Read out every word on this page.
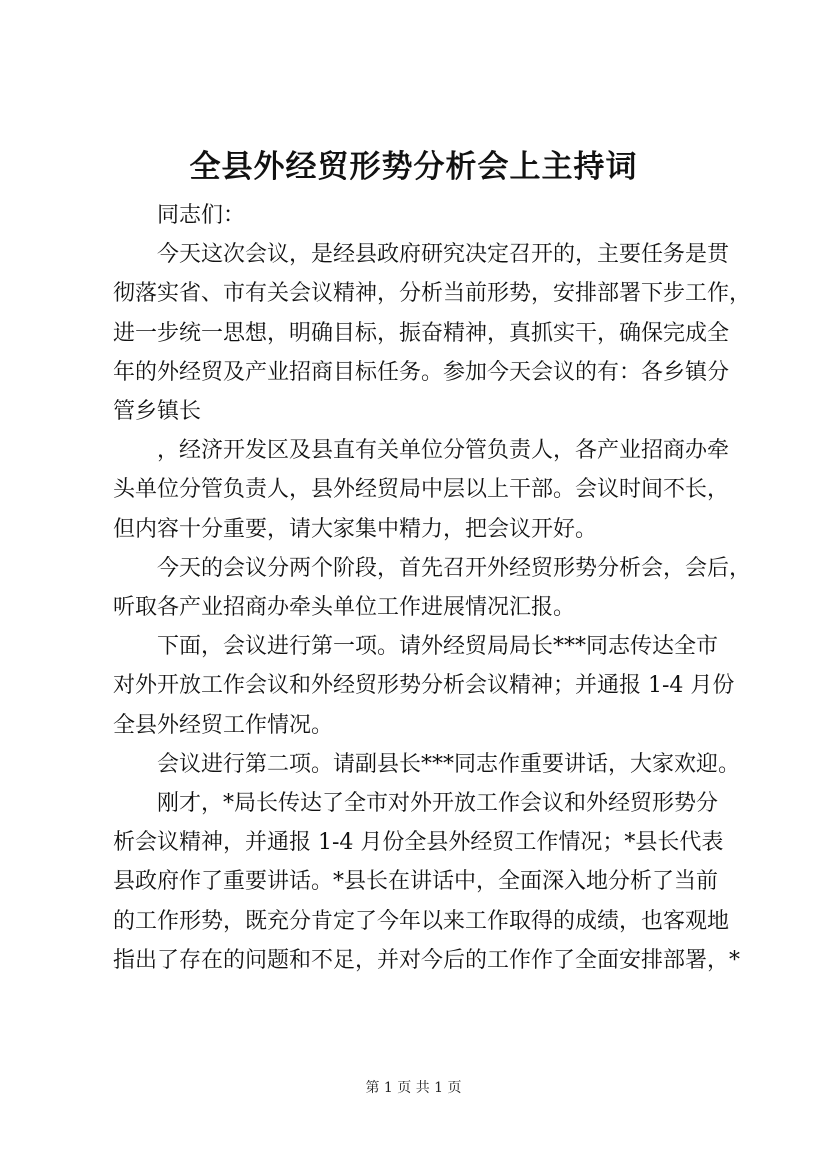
全县外经贸形势分析会上主持词

同志们：

今天这次会议，是经县政府研究决定召开的，主要任务是贯
彻落实省、市有关会议精神，分析当前形势，安排部署下步工作，
进一步统一思想，明确目标，振奋精神，真抓实干，确保完成全
年的外经贸及产业招商目标任务。参加今天会议的有：各乡镇分
管乡镇长

，经济开发区及县直有关单位分管负责人，各产业招商办牵
头单位分管负责人，县外经贸局中层以上干部。会议时间不长，
但内容十分重要，请大家集中精力，把会议开好。

今天的会议分两个阶段，首先召开外经贸形势分析会，会后，
听取各产业招商办牵头单位工作进展情况汇报。

下面，会议进行第一项。请外经贸局局长***同志传达全市
对外开放工作会议和外经贸形势分析会议精神；并通报 1-4 月份
全县外经贸工作情况。

会议进行第二项。请副县长***同志作重要讲话，大家欢迎。

刚才，*局长传达了全市对外开放工作会议和外经贸形势分
析会议精神，并通报 1-4 月份全县外经贸工作情况；*县长代表
县政府作了重要讲话。*县长在讲话中，全面深入地分析了当前
的工作形势，既充分肯定了今年以来工作取得的成绩，也客观地
指出了存在的问题和不足，并对今后的工作作了全面安排部署，*

第 1 页 共 1 页
